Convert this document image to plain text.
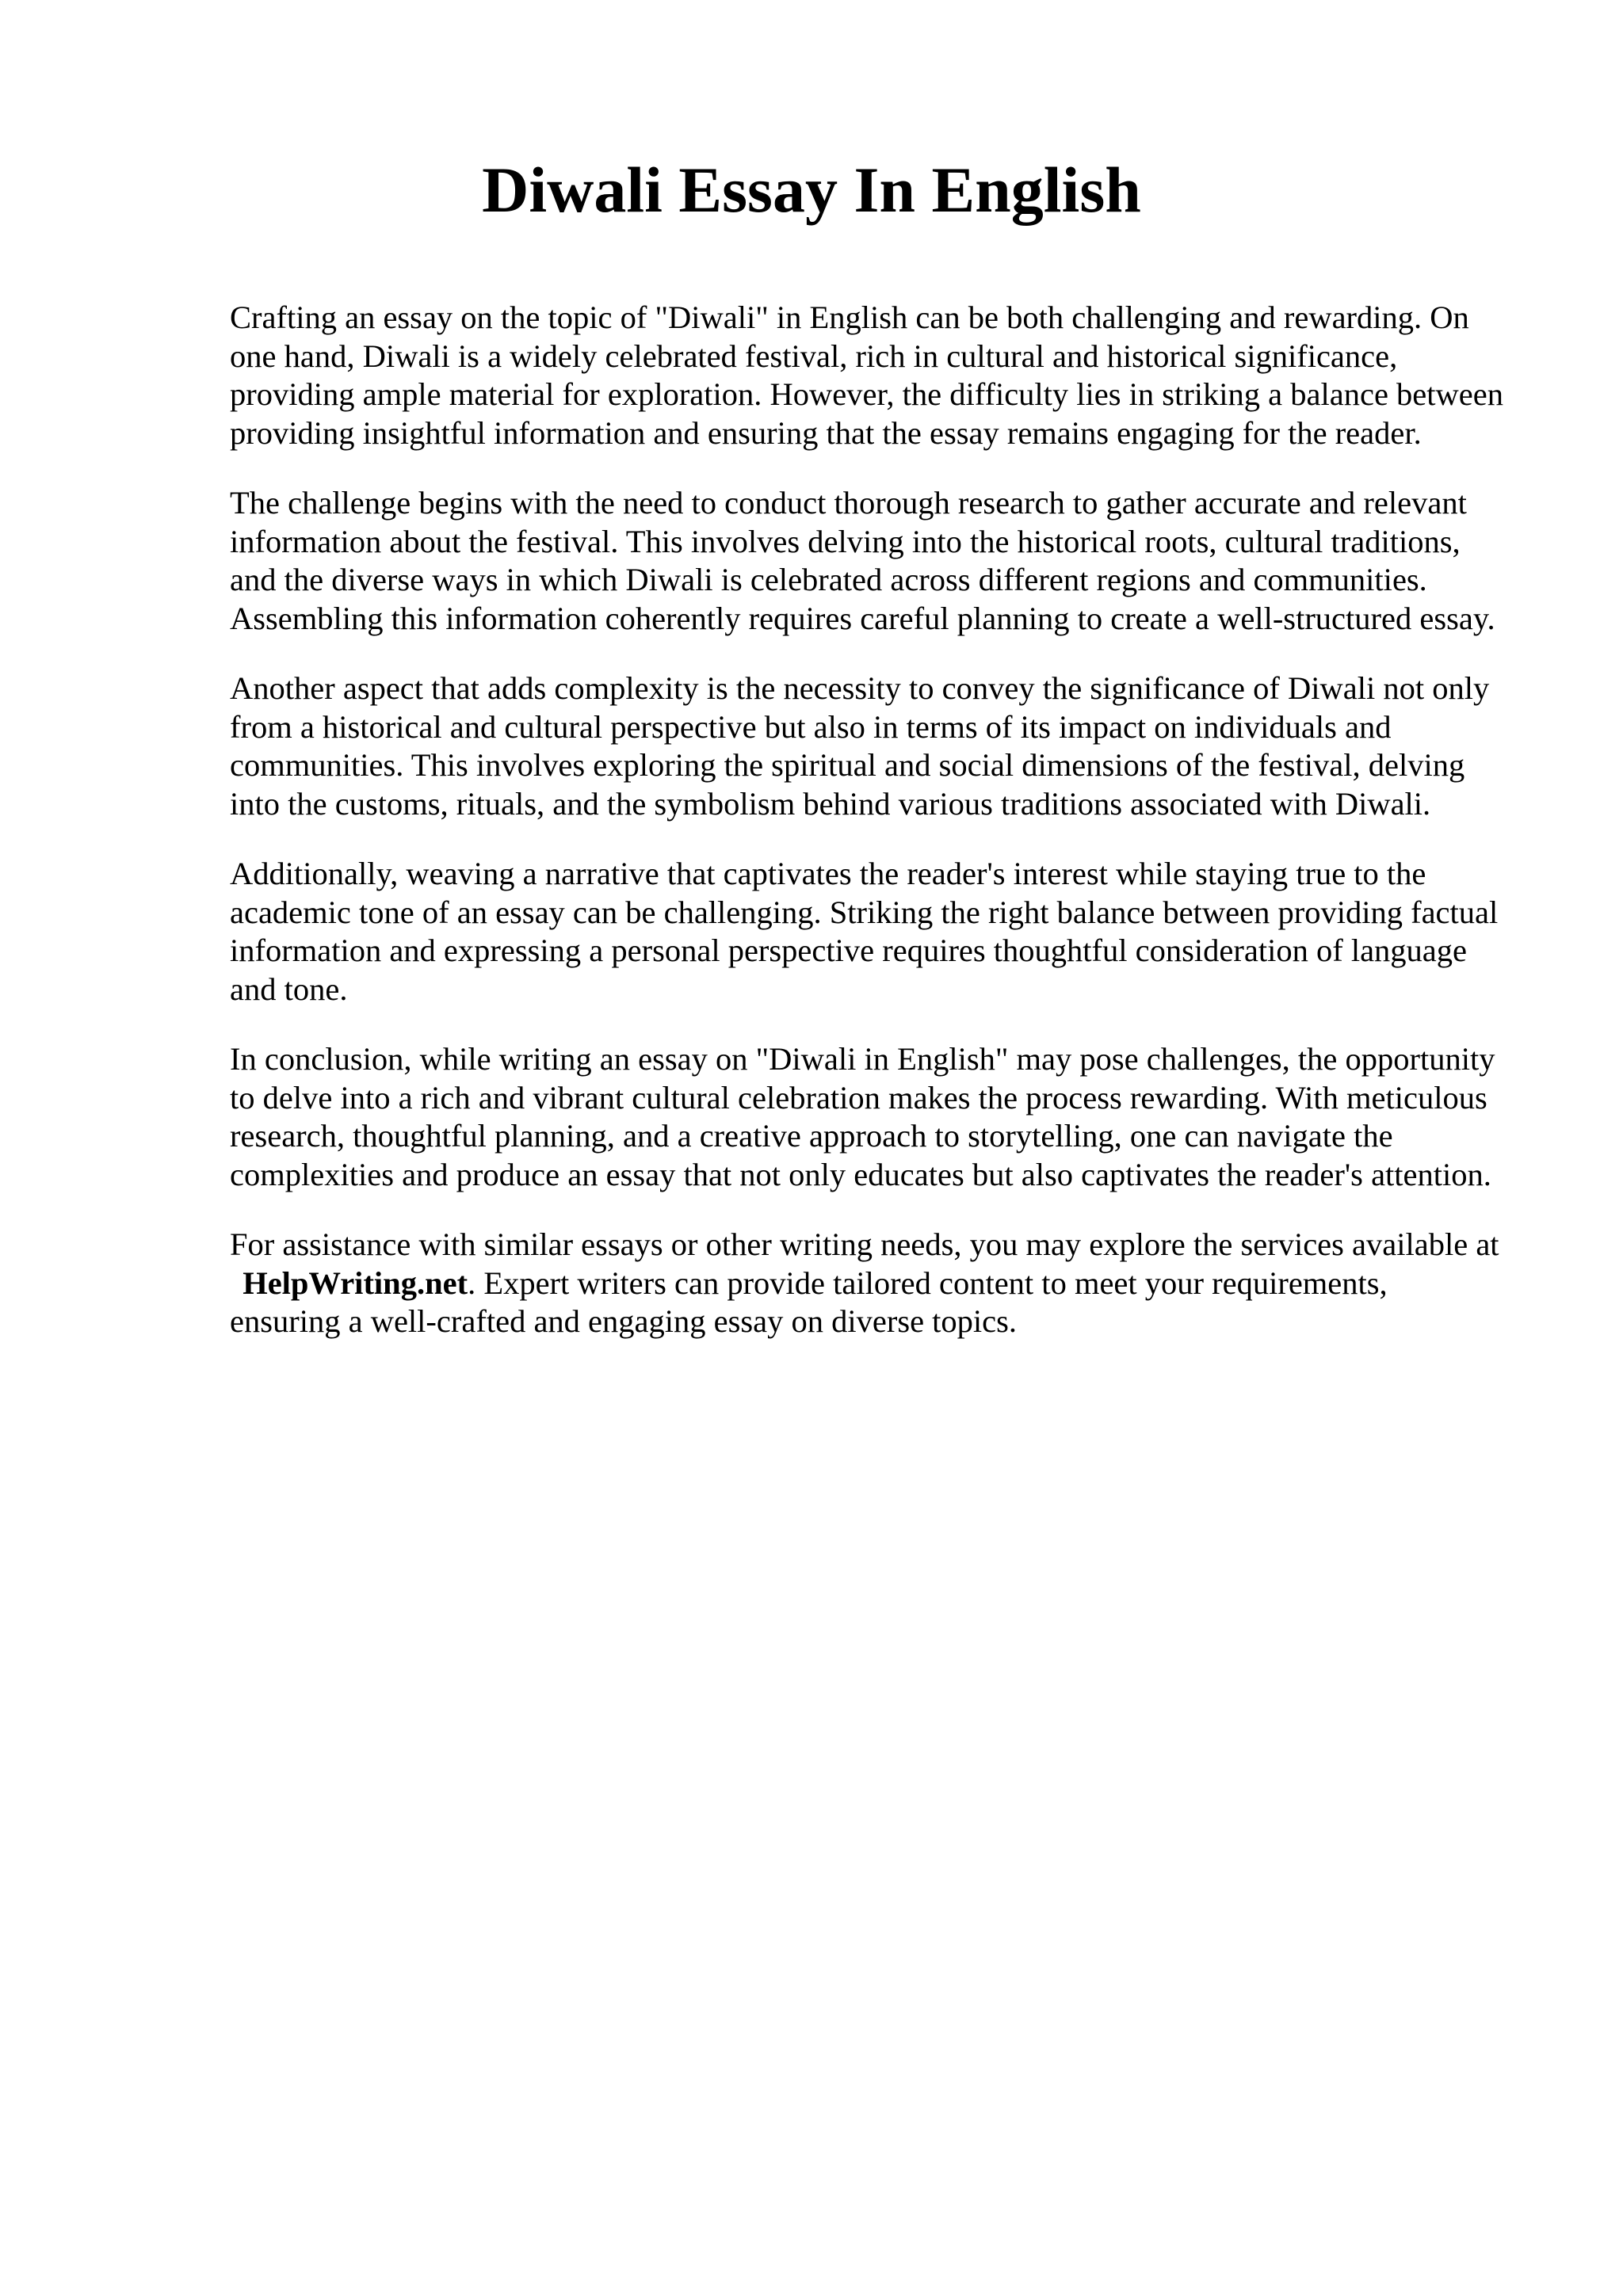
Diwali Essay In English

Crafting an essay on the topic of "Diwali" in English can be both challenging and rewarding. On one hand, Diwali is a widely celebrated festival, rich in cultural and historical significance, providing ample material for exploration. However, the difficulty lies in striking a balance between providing insightful information and ensuring that the essay remains engaging for the reader.

The challenge begins with the need to conduct thorough research to gather accurate and relevant information about the festival. This involves delving into the historical roots, cultural traditions, and the diverse ways in which Diwali is celebrated across different regions and communities. Assembling this information coherently requires careful planning to create a well-structured essay.

Another aspect that adds complexity is the necessity to convey the significance of Diwali not only from a historical and cultural perspective but also in terms of its impact on individuals and communities. This involves exploring the spiritual and social dimensions of the festival, delving into the customs, rituals, and the symbolism behind various traditions associated with Diwali.

Additionally, weaving a narrative that captivates the reader's interest while staying true to the academic tone of an essay can be challenging. Striking the right balance between providing factual information and expressing a personal perspective requires thoughtful consideration of language and tone.

In conclusion, while writing an essay on "Diwali in English" may pose challenges, the opportunity to delve into a rich and vibrant cultural celebration makes the process rewarding. With meticulous research, thoughtful planning, and a creative approach to storytelling, one can navigate the complexities and produce an essay that not only educates but also captivates the reader's attention.

For assistance with similar essays or other writing needs, you may explore the services available at HelpWriting.net. Expert writers can provide tailored content to meet your requirements, ensuring a well-crafted and engaging essay on diverse topics.
